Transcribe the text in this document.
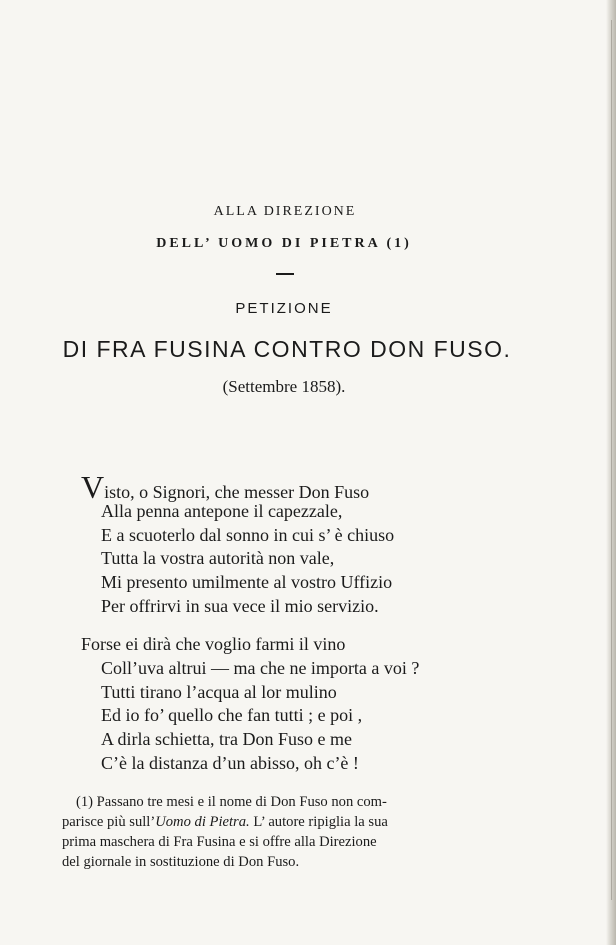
ALLA DIREZIONE
DELL’ UOMO DI PIETRA (1)
PETIZIONE
DI FRA FUSINA CONTRO DON FUSO.
(Settembre 1858).
Visto, o Signori, che messer Don Fuso
Alla penna antepone il capezzale,
E a scuoterlo dal sonno in cui s’ è chiuso
Tutta la vostra autorità non vale,
Mi presento umilmente al vostro Uffizio
Per offrirvi in sua vece il mio servizio.
Forse ei dirà che voglio farmi il vino
Coll’uva altrui — ma che ne importa a voi ?
Tutti tirano l’acqua al lor mulino
Ed io fo’ quello che fan tutti ; e poi ,
A dirla schietta, tra Don Fuso e me
C’è la distanza d’un abisso, oh c’è !
(1) Passano tre mesi e il nome di Don Fuso non com-
parisce più sull’Uomo di Pietra. L’ autore ripiglia la sua
prima maschera di Fra Fusina e si offre alla Direzione
del giornale in sostituzione di Don Fuso.
